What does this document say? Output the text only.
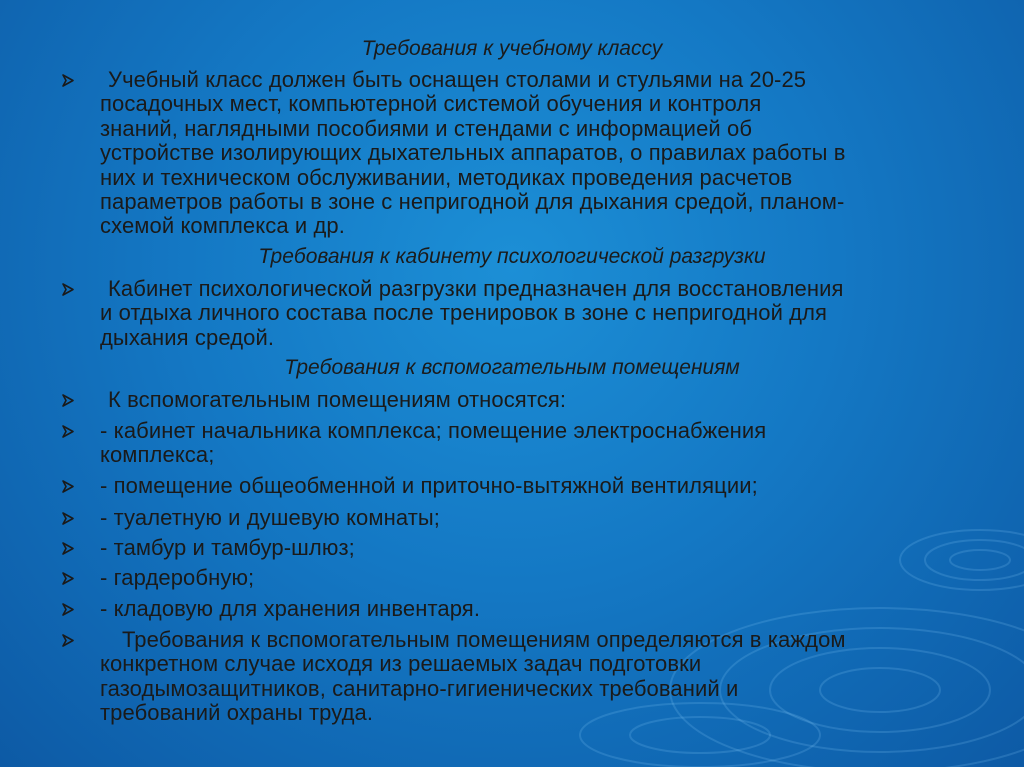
Требования к учебному классу
Учебный класс должен быть оснащен столами и стульями на 20-25
посадочных мест, компьютерной системой обучения и контроля
знаний, наглядными пособиями и стендами с информацией об
устройстве изолирующих дыхательных аппаратов, о правилах работы в
них и техническом обслуживании, методиках проведения расчетов
параметров работы в зоне с непригодной для дыхания средой, планом-
схемой комплекса и др.
Требования к кабинету психологической разгрузки
Кабинет психологической разгрузки предназначен для восстановления
и отдыха личного состава после тренировок в зоне с непригодной для
дыхания средой.
Требования к вспомогательным помещениям
К вспомогательным помещениям относятся:
- кабинет начальника комплекса; помещение электроснабжения
комплекса;
- помещение общеобменной и приточно-вытяжной вентиляции;
- туалетную и душевую комнаты;
- тамбур и тамбур-шлюз;
- гардеробную;
- кладовую для хранения инвентаря.
Требования к вспомогательным помещениям определяются в каждом
конкретном случае исходя из решаемых задач подготовки
газодымозащитников, санитарно-гигиенических требований и
требований охраны труда.
